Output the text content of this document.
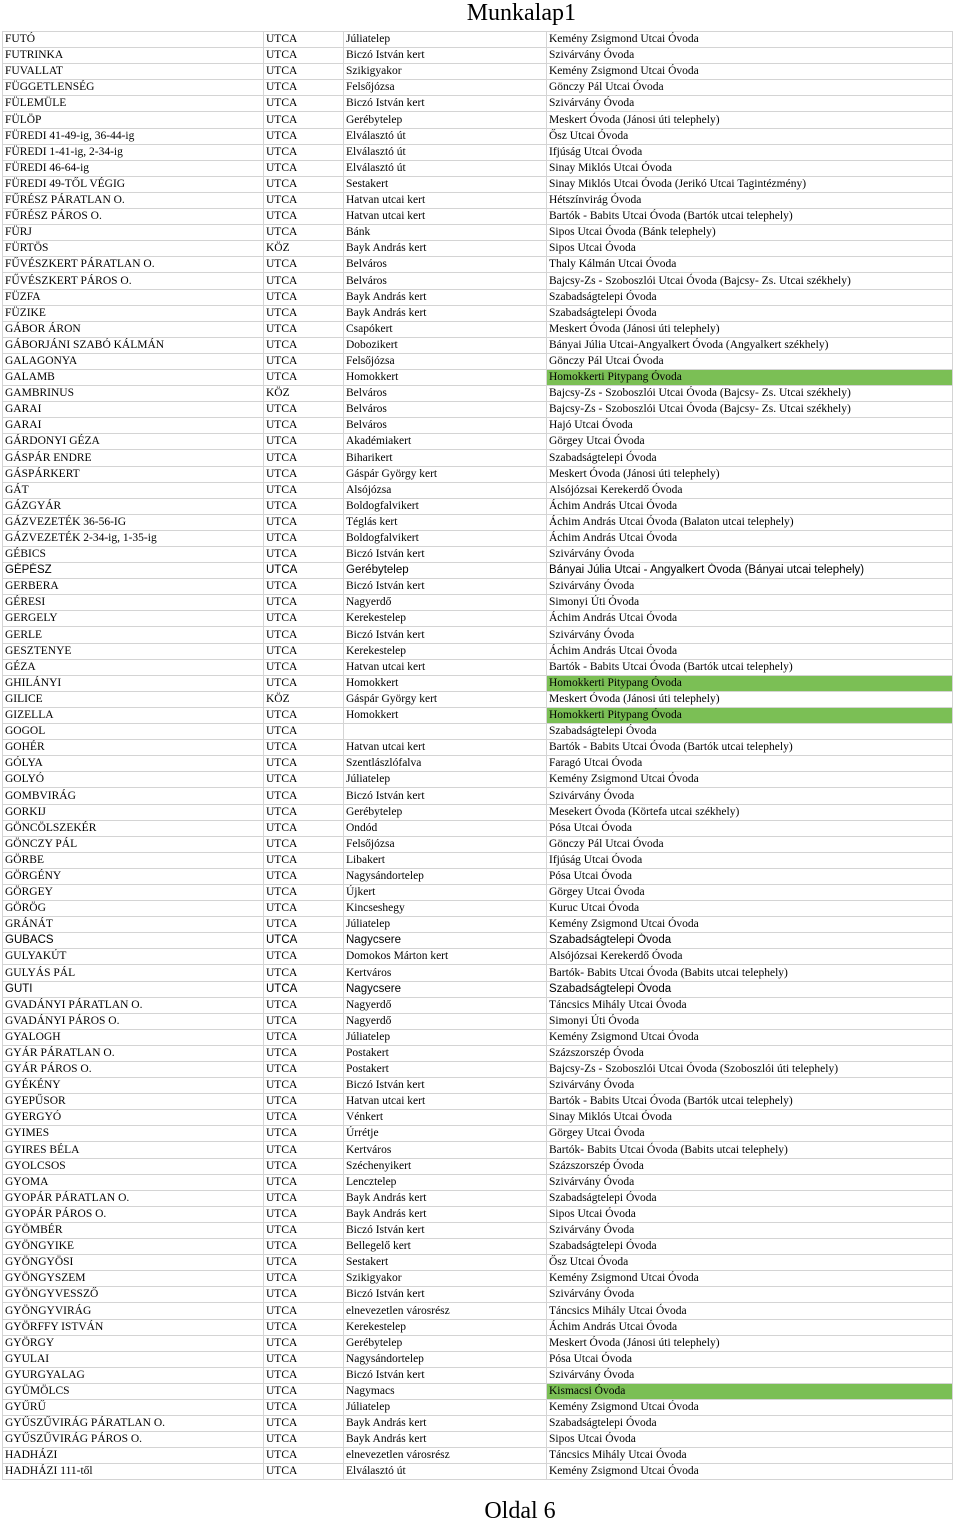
Munkalap1
FUTÓ	UTCA	Júliatelep	Kemény Zsigmond Utcai Óvoda
FUTRINKA	UTCA	Biczó István kert	Szivárvány Óvoda
FUVALLAT	UTCA	Szikigyakor	Kemény Zsigmond Utcai Óvoda
FÜGGETLENSÉG	UTCA	Felsőjózsa	Gönczy Pál Utcai Óvoda
FÜLEMÜLE	UTCA	Biczó István kert	Szivárvány Óvoda
FÜLÖP	UTCA	Gerébytelep	Meskert Óvoda (Jánosi úti telephely)
FÜREDI 41-49-ig, 36-44-ig	UTCA	Elválasztó út	Ősz Utcai Óvoda
FÜREDI 1-41-ig, 2-34-ig	UTCA	Elválasztó út	Ifjúság Utcai Óvoda
FÜREDI 46-64-ig	UTCA	Elválasztó út	Sinay Miklós Utcai Óvoda
FÜREDI 49-TŐL VÉGIG	UTCA	Sestakert	Sinay Miklós Utcai Óvoda (Jerikó Utcai Tagintézmény)
FŰRÉSZ PÁRATLAN O.	UTCA	Hatvan utcai kert	Hétszínvirág Óvoda
FŰRÉSZ PÁROS O.	UTCA	Hatvan utcai kert	Bartók - Babits Utcai Óvoda (Bartók utcai telephely)
FÜRJ	UTCA	Bánk	Sipos Utcai Óvoda (Bánk telephely)
FÜRTÖS	KÖZ	Bayk András kert	Sipos Utcai Óvoda
FŰVÉSZKERT PÁRATLAN O.	UTCA	Belváros	Thaly Kálmán Utcai Óvoda
FŰVÉSZKERT PÁROS O.	UTCA	Belváros	Bajcsy-Zs - Szoboszlói Utcai Óvoda (Bajcsy- Zs. Utcai székhely)
FÜZFA	UTCA	Bayk András kert	Szabadságtelepi Óvoda
FÜZIKE	UTCA	Bayk András kert	Szabadságtelepi Óvoda
GÁBOR ÁRON	UTCA	Csapókert	Meskert Óvoda (Jánosi úti telephely)
GÁBORJÁNI SZABÓ KÁLMÁN	UTCA	Dobozikert	Bányai Júlia Utcai-Angyalkert Óvoda (Angyalkert székhely)
GALAGONYA	UTCA	Felsőjózsa	Gönczy Pál Utcai Óvoda
GALAMB	UTCA	Homokkert	Homokkerti Pitypang Óvoda
GAMBRINUS	KÖZ	Belváros	Bajcsy-Zs - Szoboszlói Utcai Óvoda (Bajcsy- Zs. Utcai székhely)
GARAI	UTCA	Belváros	Bajcsy-Zs - Szoboszlói Utcai Óvoda (Bajcsy- Zs. Utcai székhely)
GARAI	UTCA	Belváros	Hajó Utcai Óvoda
GÁRDONYI GÉZA	UTCA	Akadémiakert	Görgey Utcai Óvoda
GÁSPÁR ENDRE	UTCA	Biharikert	Szabadságtelepi Óvoda
GÁSPÁRKERT	UTCA	Gáspár György kert	Meskert Óvoda (Jánosi úti telephely)
GÁT	UTCA	Alsójózsa	Alsójózsai Kerekerdő Óvoda
GÁZGYÁR	UTCA	Boldogfalvikert	Áchim András Utcai Óvoda
GÁZVEZETÉK 36-56-IG	UTCA	Téglás kert	Áchim András Utcai Óvoda (Balaton utcai telephely)
GÁZVEZETÉK 2-34-ig, 1-35-ig	UTCA	Boldogfalvikert	Áchim András Utcai Óvoda
GÉBICS	UTCA	Biczó István kert	Szivárvány Óvoda
GÉPÉSZ	UTCA	Gerébytelep	Bányai Júlia Utcai - Angyalkert Óvoda (Bányai utcai telephely)
GERBERA	UTCA	Biczó István kert	Szivárvány Óvoda
GÉRESI	UTCA	Nagyerdő	Simonyi Úti Óvoda
GERGELY	UTCA	Kerekestelep	Áchim András Utcai Óvoda
GERLE	UTCA	Biczó István kert	Szivárvány Óvoda
GESZTENYE	UTCA	Kerekestelep	Áchim András Utcai Óvoda
GÉZA	UTCA	Hatvan utcai kert	Bartók - Babits Utcai Óvoda (Bartók utcai telephely)
GHILÁNYI	UTCA	Homokkert	Homokkerti Pitypang Óvoda
GILICE	KÖZ	Gáspár György kert	Meskert Óvoda (Jánosi úti telephely)
GIZELLA	UTCA	Homokkert	Homokkerti Pitypang Óvoda
GOGOL	UTCA		Szabadságtelepi Óvoda
GOHÉR	UTCA	Hatvan utcai kert	Bartók - Babits Utcai Óvoda (Bartók utcai telephely)
GÓLYA	UTCA	Szentlászlófalva	Faragó Utcai Óvoda
GOLYÓ	UTCA	Júliatelep	Kemény Zsigmond Utcai Óvoda
GOMBVIRÁG	UTCA	Biczó István kert	Szivárvány Óvoda
GORKIJ	UTCA	Gerébytelep	Mesekert Óvoda (Körtefa utcai székhely)
GÖNCÖLSZEKÉR	UTCA	Ondód	Pósa Utcai Óvoda
GÖNCZY PÁL	UTCA	Felsőjózsa	Gönczy Pál Utcai Óvoda
GÖRBE	UTCA	Libakert	Ifjúság Utcai Óvoda
GÖRGÉNY	UTCA	Nagysándortelep	Pósa Utcai Óvoda
GÖRGEY	UTCA	Újkert	Görgey Utcai Óvoda
GÖRÖG	UTCA	Kincseshegy	Kuruc Utcai Óvoda
GRÁNÁT	UTCA	Júliatelep	Kemény Zsigmond Utcai Óvoda
GUBACS	UTCA	Nagycsere	Szabadságtelepi Óvoda
GULYAKÚT	UTCA	Domokos Márton kert	Alsójózsai Kerekerdő Óvoda
GULYÁS PÁL	UTCA	Kertváros	Bartók- Babits Utcai Óvoda (Babits utcai telephely)
GUTI	UTCA	Nagycsere	Szabadságtelepi Óvoda
GVADÁNYI PÁRATLAN O.	UTCA	Nagyerdő	Táncsics Mihály Utcai Óvoda
GVADÁNYI PÁROS O.	UTCA	Nagyerdő	Simonyi Úti Óvoda
GYALOGH	UTCA	Júliatelep	Kemény Zsigmond Utcai Óvoda
GYÁR PÁRATLAN O.	UTCA	Postakert	Százszorszép Óvoda
GYÁR PÁROS O.	UTCA	Postakert	Bajcsy-Zs - Szoboszlói Utcai Óvoda (Szoboszlói úti telephely)
GYÉKÉNY	UTCA	Biczó István kert	Szivárvány Óvoda
GYEPŰSOR	UTCA	Hatvan utcai kert	Bartók - Babits Utcai Óvoda (Bartók utcai telephely)
GYERGYÓ	UTCA	Vénkert	Sinay Miklós Utcai Óvoda
GYIMES	UTCA	Úrrétje	Görgey Utcai Óvoda
GYIRES BÉLA	UTCA	Kertváros	Bartók- Babits Utcai Óvoda (Babits utcai telephely)
GYOLCSOS	UTCA	Széchenyikert	Százszorszép Óvoda
GYOMA	UTCA	Lencztelep	Szivárvány Óvoda
GYOPÁR PÁRATLAN O.	UTCA	Bayk András kert	Szabadságtelepi Óvoda
GYOPÁR PÁROS O.	UTCA	Bayk András kert	Sipos Utcai Óvoda
GYÖMBÉR	UTCA	Biczó István kert	Szivárvány Óvoda
GYÖNGYIKE	UTCA	Bellegelő kert	Szabadságtelepi Óvoda
GYÖNGYÖSI	UTCA	Sestakert	Ősz Utcai Óvoda
GYÖNGYSZEM	UTCA	Szikigyakor	Kemény Zsigmond Utcai Óvoda
GYÖNGYVESSZŐ	UTCA	Biczó István kert	Szivárvány Óvoda
GYÖNGYVIRÁG	UTCA	elnevezetlen városrész	Táncsics Mihály Utcai Óvoda
GYÖRFFY ISTVÁN	UTCA	Kerekestelep	Áchim András Utcai Óvoda
GYÖRGY	UTCA	Gerébytelep	Meskert Óvoda (Jánosi úti telephely)
GYULAI	UTCA	Nagysándortelep	Pósa Utcai Óvoda
GYURGYALAG	UTCA	Biczó István kert	Szivárvány Óvoda
GYÜMÖLCS	UTCA	Nagymacs	Kismacsi Óvoda
GYŰRŰ	UTCA	Júliatelep	Kemény Zsigmond Utcai Óvoda
GYŰSZŰVIRÁG PÁRATLAN O.	UTCA	Bayk András kert	Szabadságtelepi Óvoda
GYŰSZŰVIRÁG PÁROS O.	UTCA	Bayk András kert	Sipos Utcai Óvoda
HADHÁZI	UTCA	elnevezetlen városrész	Táncsics Mihály Utcai Óvoda
HADHÁZI 111-től	UTCA	Elválasztó út	Kemény Zsigmond Utcai Óvoda
Oldal 6
